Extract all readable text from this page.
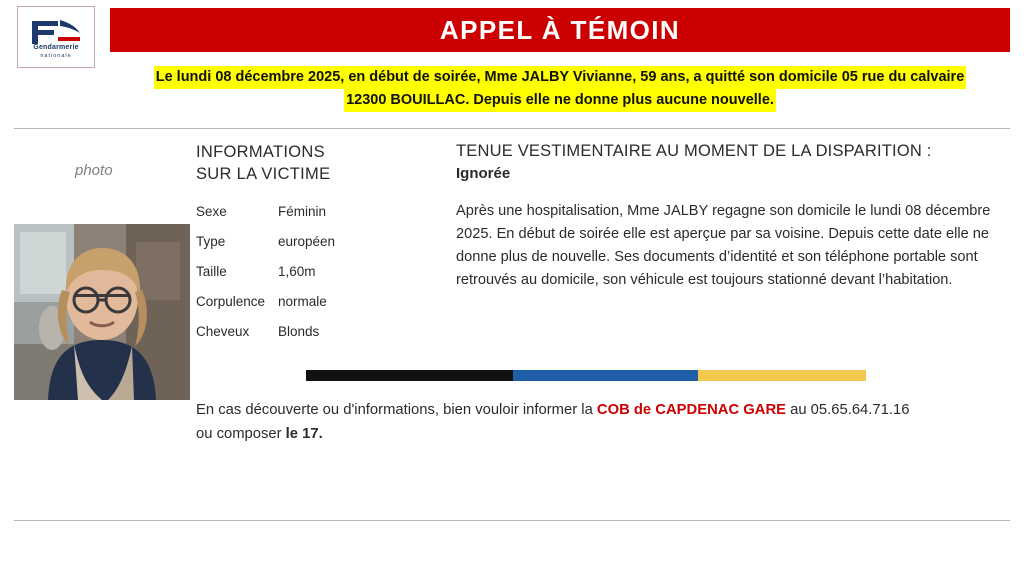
Gendarmerie
nationale
APPEL À TÉMOIN
Le lundi 08 décembre 2025, en début de soirée, Mme JALBY Vivianne, 59 ans, a quitté son domicile 05 rue du calvaire
12300 BOUILLAC. Depuis elle ne donne plus aucune nouvelle.
photo
INFORMATIONS
SUR LA VICTIME
Sexe	Féminin
Type	européen
Taille	1,60m
Corpulence	normale
Cheveux	Blonds
TENUE VESTIMENTAIRE AU MOMENT DE LA DISPARITION :
Ignorée
Après une hospitalisation, Mme JALBY regagne son domicile le lundi 08 décembre 2025. En début de soirée elle est aperçue par sa voisine. Depuis cette date elle ne donne plus de nouvelle. Ses documents d’identité et son téléphone portable sont retrouvés au domicile, son véhicule est toujours stationné devant l’habitation.
En cas découverte ou d'informations, bien vouloir informer la COB de CAPDENAC GARE au 05.65.64.71.16
ou composer le 17.
